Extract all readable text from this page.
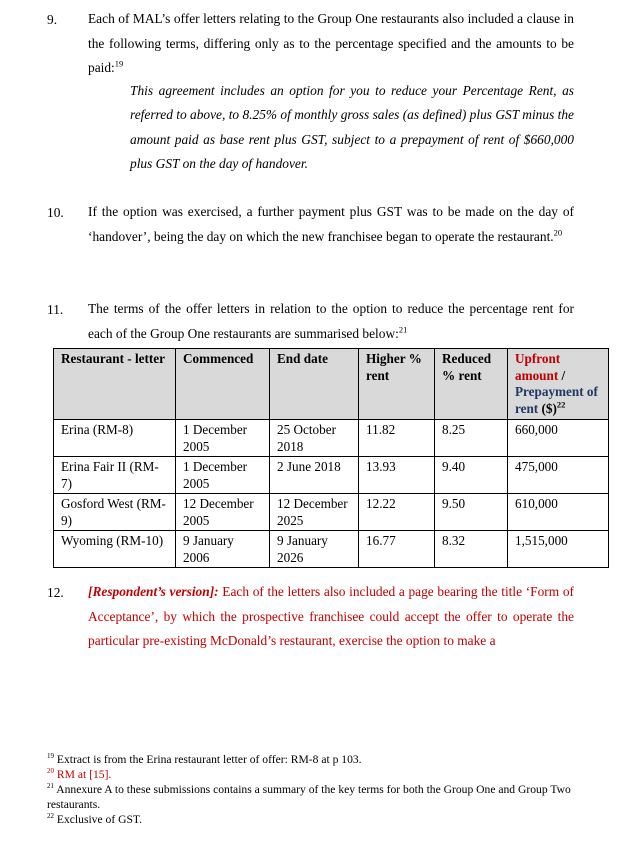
9. Each of MAL’s offer letters relating to the Group One restaurants also included a clause in the following terms, differing only as to the percentage specified and the amounts to be paid:$^{19}$
This agreement includes an option for you to reduce your Percentage Rent, as referred to above, to 8.25% of monthly gross sales (as defined) plus GST minus the amount paid as base rent plus GST, subject to a prepayment of rent of $660,000 plus GST on the day of handover.
10. If the option was exercised, a further payment plus GST was to be made on the day of ‘handover’, being the day on which the new franchisee began to operate the restaurant.$^{20}$
11. The terms of the offer letters in relation to the option to reduce the percentage rent for each of the Group One restaurants are summarised below:$^{21}$
Restaurant - letter	Commenced	End date	Higher % rent	Reduced % rent	Upfront amount / Prepayment of rent ($)$^{22}$
Erina (RM-8)	1 December 2005	25 October 2018	11.82	8.25	660,000
Erina Fair II (RM-7)	1 December 2005	2 June 2018	13.93	9.40	475,000
Gosford West (RM-9)	12 December 2005	12 December 2025	12.22	9.50	610,000
Wyoming (RM-10)	9 January 2006	9 January 2026	16.77	8.32	1,515,000
12. [Respondent’s version]: Each of the letters also included a page bearing the title ‘Form of Acceptance’, by which the prospective franchisee could accept the offer to operate the particular pre-existing McDonald’s restaurant, exercise the option to make a
$^{19}$ Extract is from the Erina restaurant letter of offer: RM-8 at p 103.
$^{20}$ RM at [15].
$^{21}$ Annexure A to these submissions contains a summary of the key terms for both the Group One and Group Two restaurants.
$^{22}$ Exclusive of GST.
